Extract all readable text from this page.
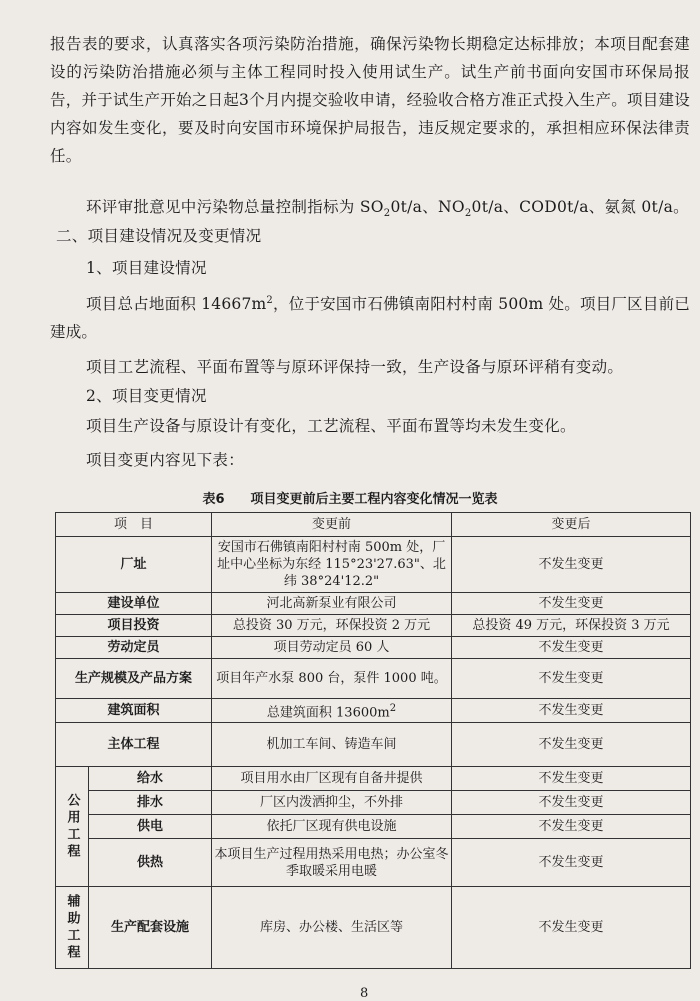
报告表的要求，认真落实各项污染防治措施，确保污染物长期稳定达标排放；本项目配套建设的污染防治措施必须与主体工程同时投入使用试生产。试生产前书面向安国市环保局报告，并于试生产开始之日起3个月内提交验收申请，经验收合格方准正式投入生产。项目建设内容如发生变化，要及时向安国市环境保护局报告，违反规定要求的，承担相应环保法律责任。

环评审批意见中污染物总量控制指标为 $SO_20t/a$、$NO_20t/a$、COD0t/a、氨氮 0t/a。

二、项目建设情况及变更情况

1、项目建设情况

项目总占地面积 $14667m^2$，位于安国市石佛镇南阳村村南 500m 处。项目厂区目前已建成。

项目工艺流程、平面布置等与原环评保持一致，生产设备与原环评稍有变动。

2、项目变更情况

项目生产设备与原设计有变化，工艺流程、平面布置等均未发生变化。

项目变更内容见下表：

表6　　项目变更前后主要工程内容变化情况一览表

项　目		变更前	变更后
厂址		安国市石佛镇南阳村村南 500m 处，厂址中心坐标为东经 115°23'27.63"、北纬 38°24'12.2"	不发生变更
建设单位		河北高新泵业有限公司	不发生变更
项目投资		总投资 30 万元，环保投资 2 万元	总投资 49 万元，环保投资 3 万元
劳动定员		项目劳动定员 60 人	不发生变更
生产规模及产品方案		项目年产水泵 800 台，泵件 1000 吨。	不发生变更
建筑面积		总建筑面积 $13600m^2$	不发生变更
主体工程		机加工车间、铸造车间	不发生变更
公用工程	给水	项目用水由厂区现有自备井提供	不发生变更
	排水	厂区内泼洒抑尘，不外排	不发生变更
	供电	依托厂区现有供电设施	不发生变更
	供热	本项目生产过程用热采用电热；办公室冬季取暖采用电暖	不发生变更
辅助工程	生产配套设施	库房、办公楼、生活区等	不发生变更
8
